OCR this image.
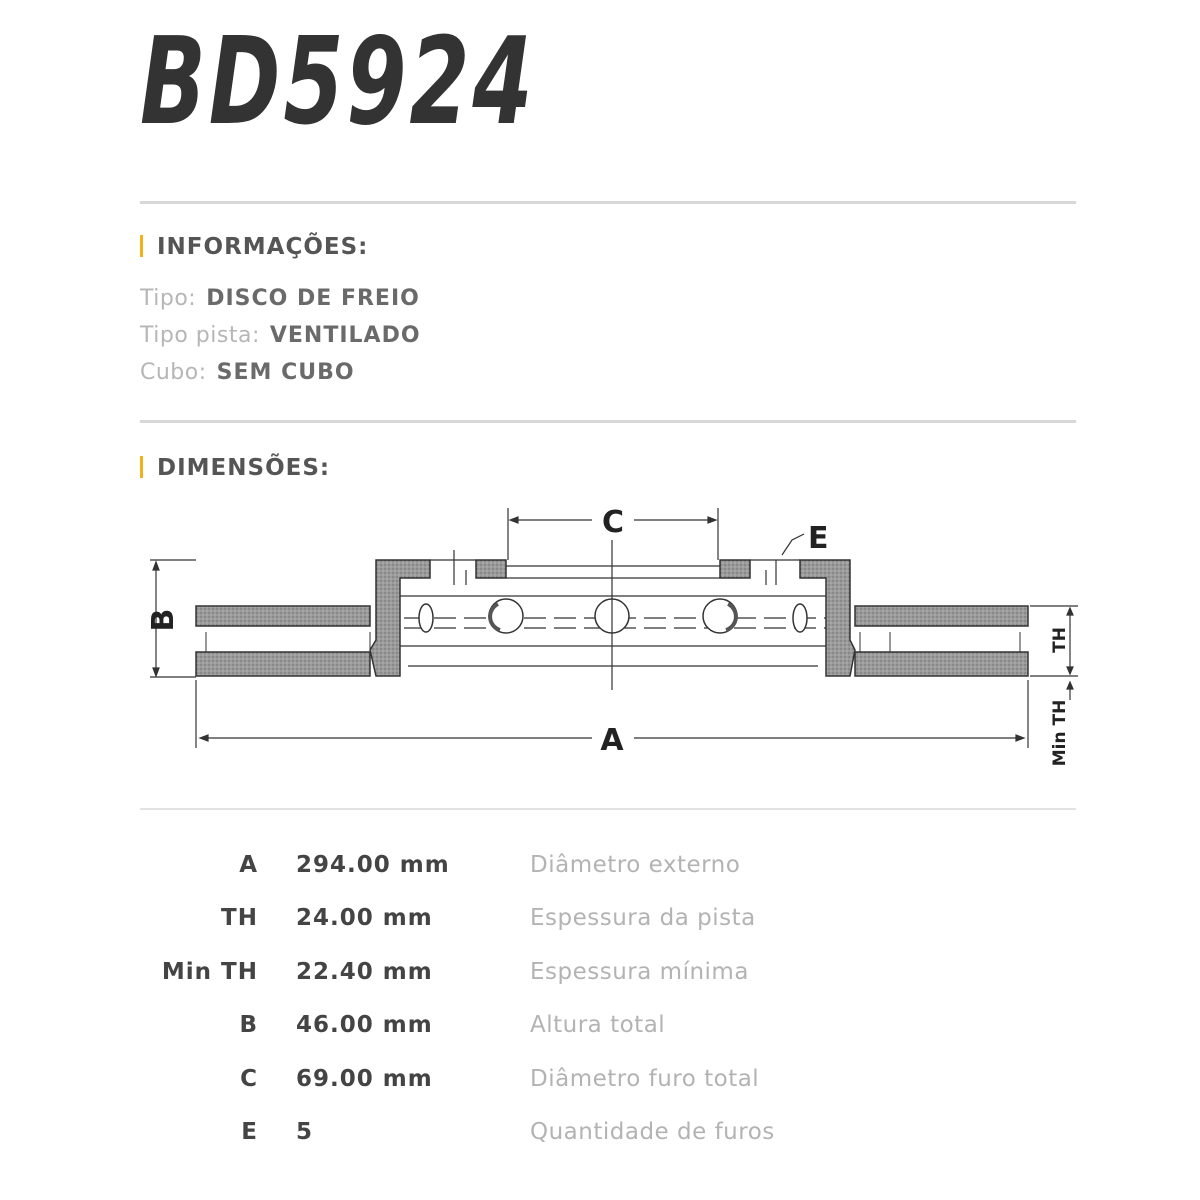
BD5924
INFORMAÇÕES:
Tipo: DISCO DE FREIO
Tipo pista: VENTILADO
Cubo: SEM CUBO
DIMENSÕES:
C	E
B
A
TH
Min TH
A 294.00 mm	Diâmetro externo
TH 24.00 mm	Espessura da pista
Min TH 22.40 mm	Espessura mínima
B 46.00 mm	Altura total
C 69.00 mm	Diâmetro furo total
E 5	Quantidade de furos
